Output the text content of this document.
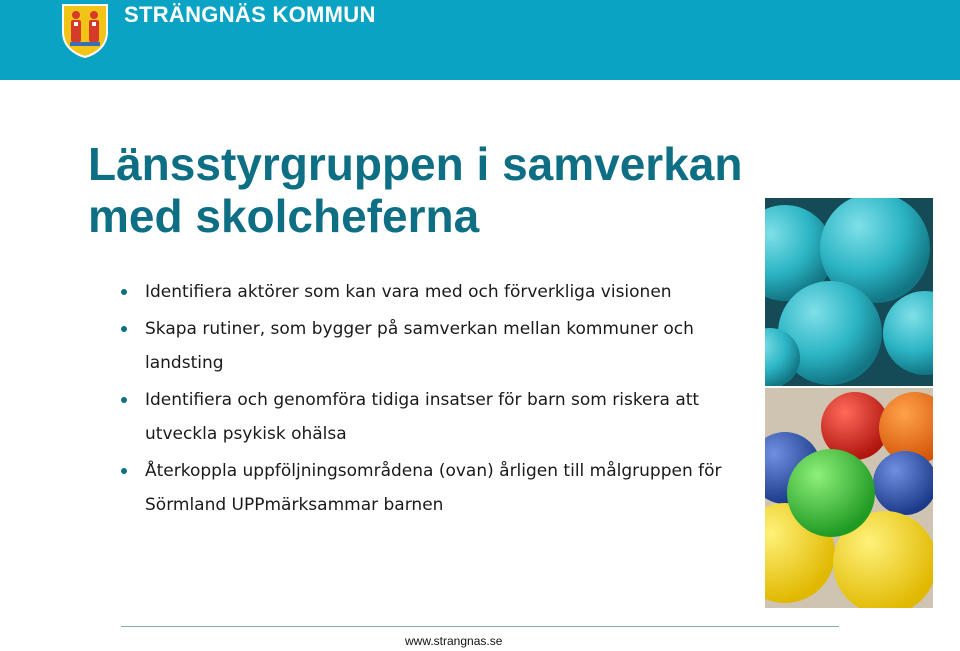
STRÄNGNÄS KOMMUN
Länsstyrgruppen i samverkan
med skolcheferna
Identifiera aktörer som kan vara med och förverkliga visionen
Skapa rutiner, som bygger på samverkan mellan kommuner och landsting
Identifiera och genomföra tidiga insatser för barn som riskera att utveckla psykisk ohälsa
Återkoppla uppföljningsområdena (ovan) årligen till målgruppen för Sörmland UPPmärksammar barnen
www.strangnas.se
